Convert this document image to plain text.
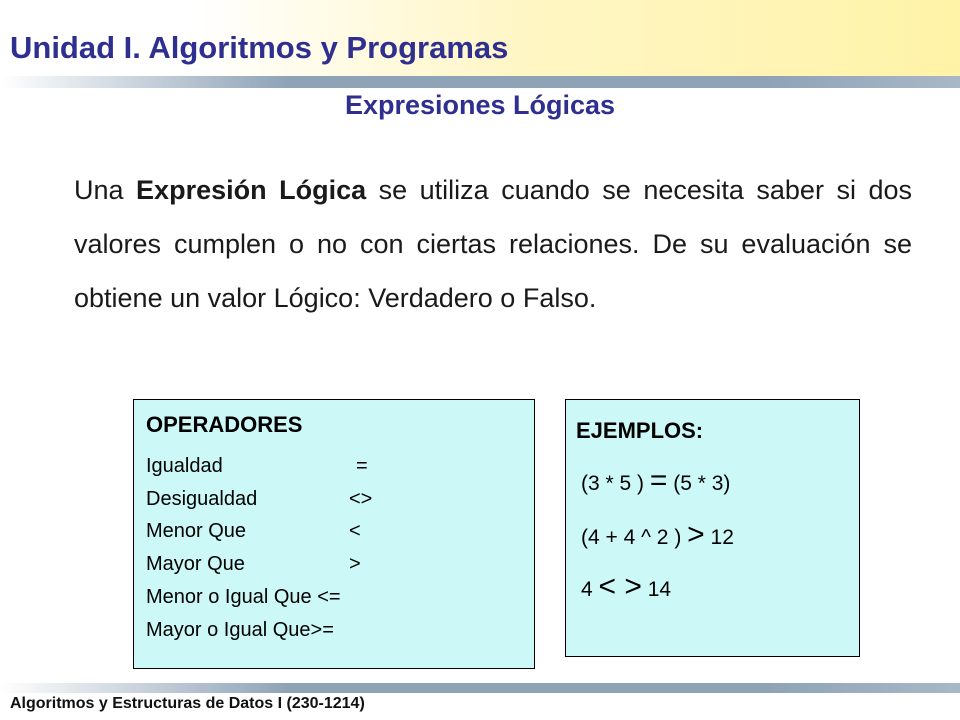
Unidad I. Algoritmos y Programas
Expresiones Lógicas
Una Expresión Lógica se utiliza cuando se necesita saber si dos valores cumplen o no con ciertas relaciones. De su evaluación se obtiene un valor Lógico: Verdadero o Falso.
OPERADORES
Igualdad	=
Desigualdad	<>
Menor Que	<
Mayor Que	>
Menor o Igual Que <=
Mayor o Igual Que>=
EJEMPLOS:
(3 * 5 ) = (5 * 3)
(4 + 4 ^ 2 ) > 12
4 < > 14
Algoritmos y Estructuras de Datos I (230-1214)
